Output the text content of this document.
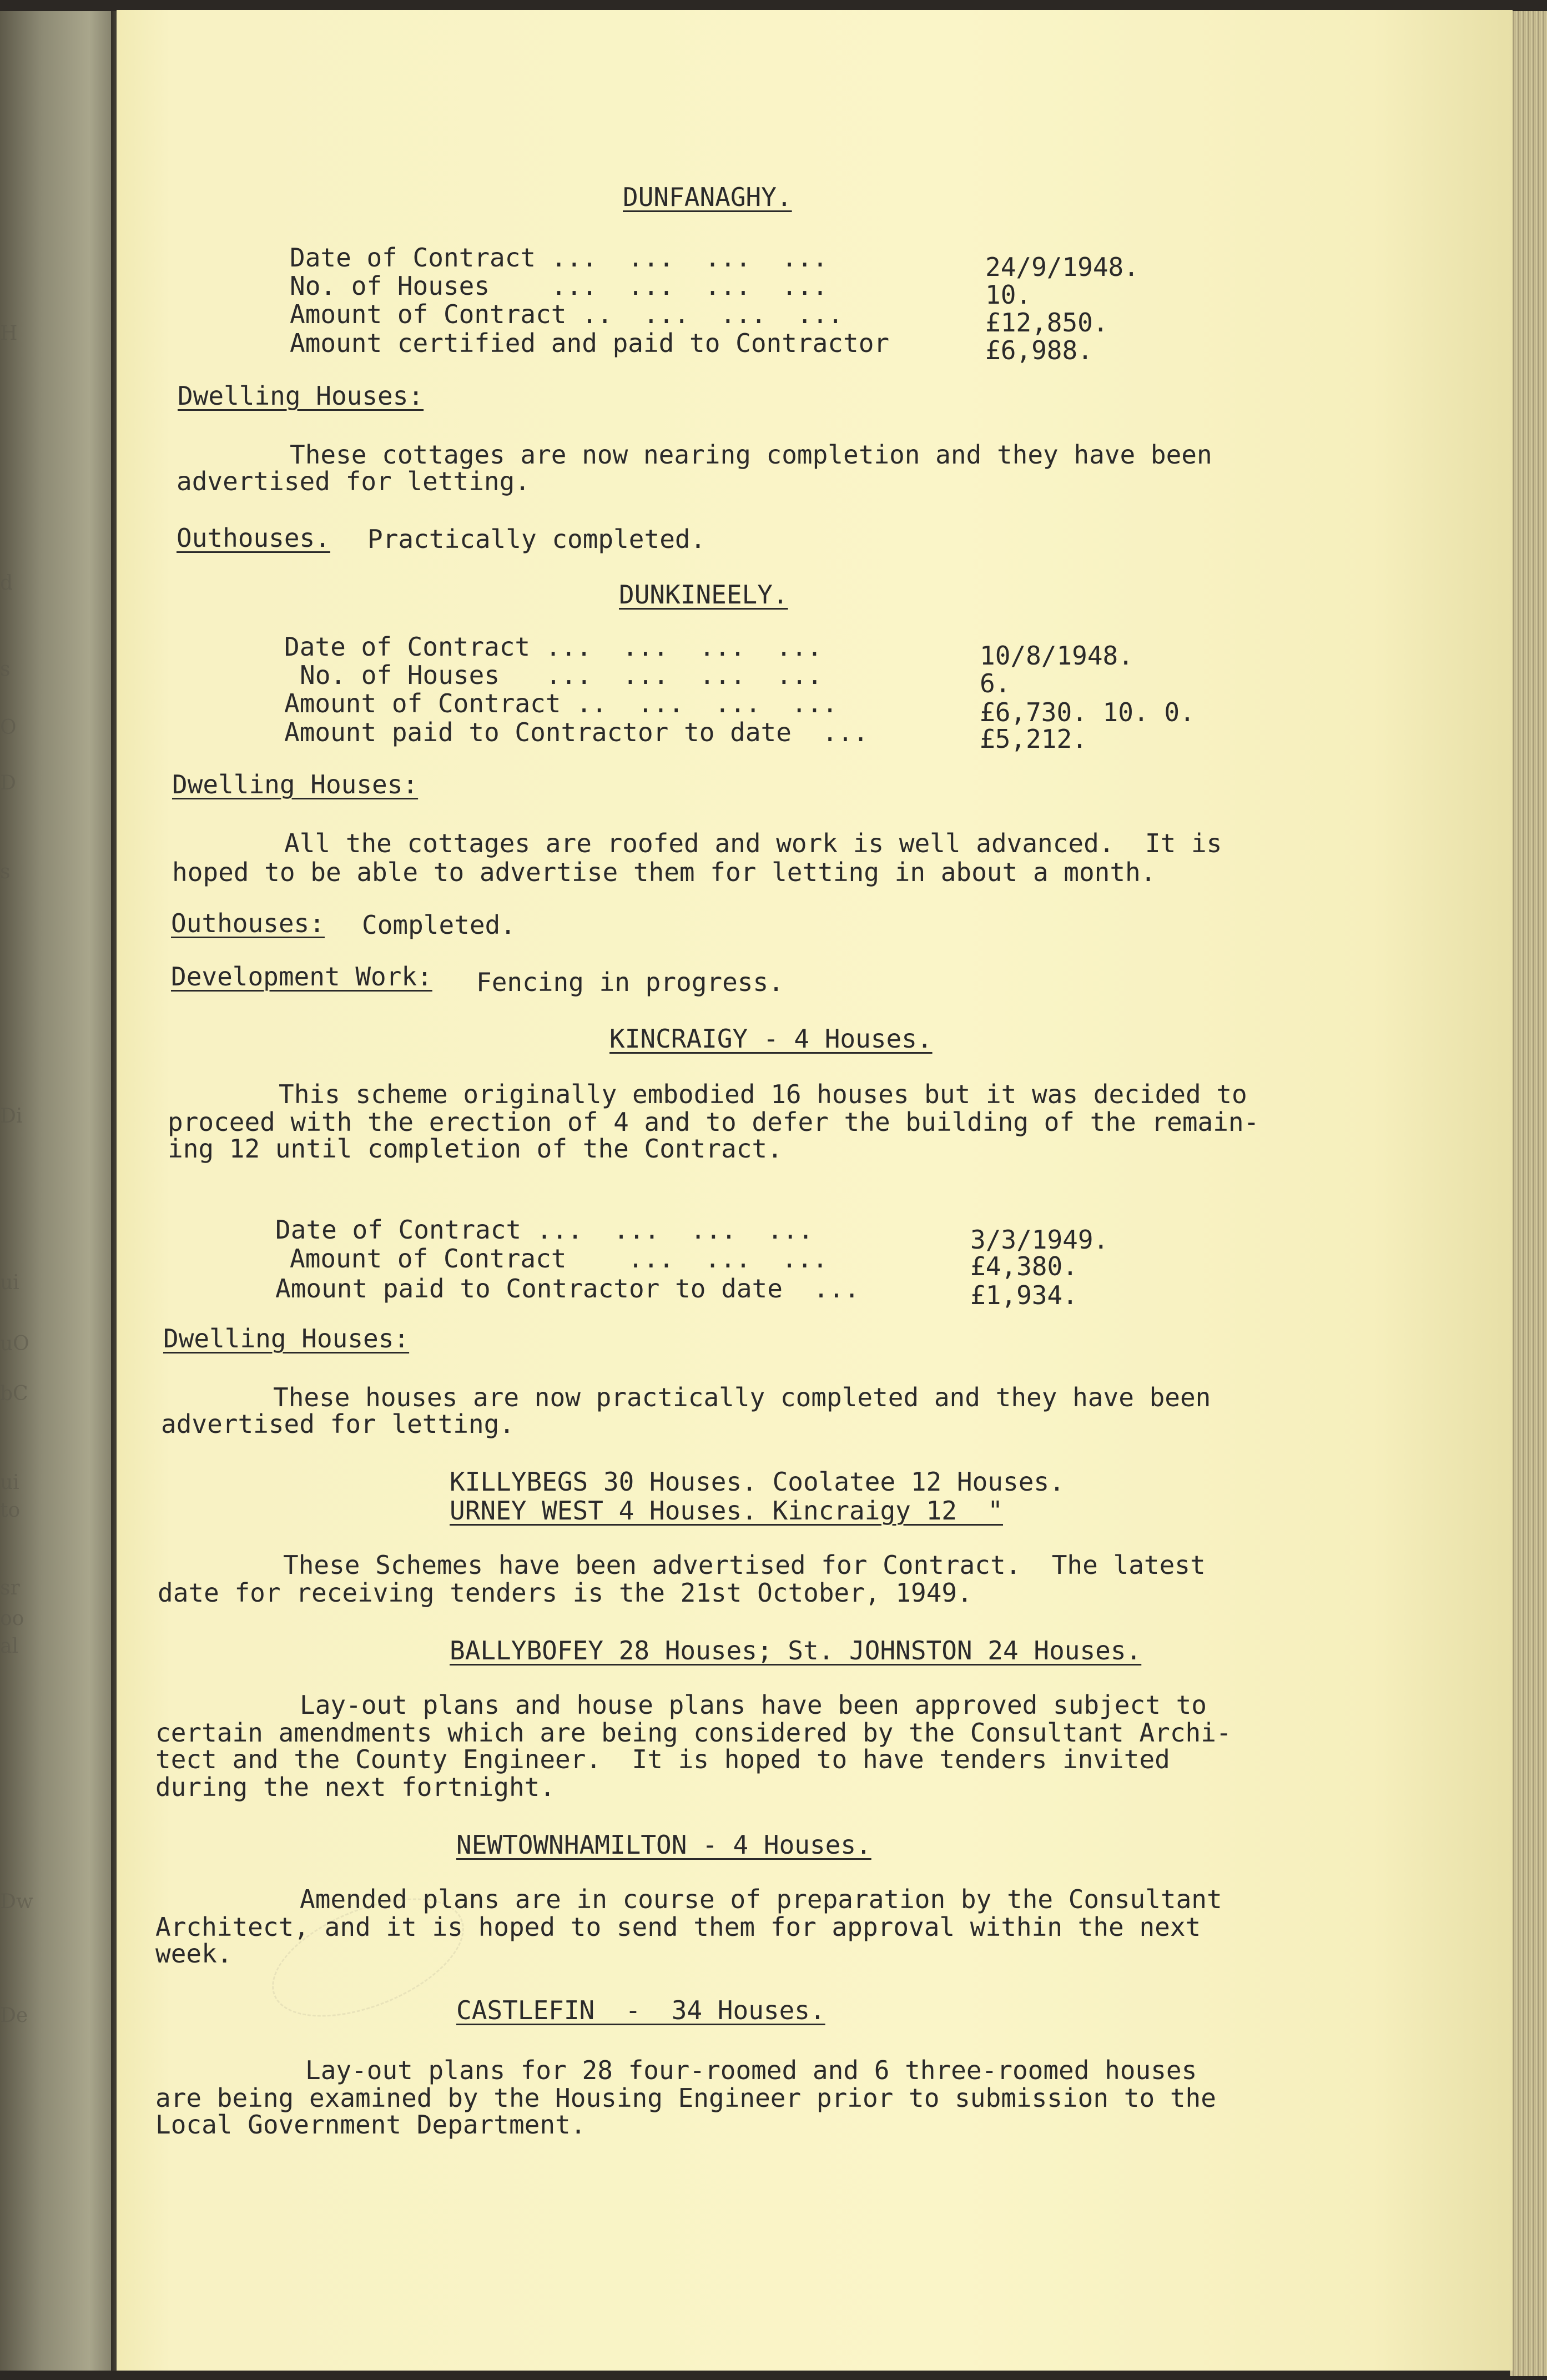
H
d
s
O
D
s
Di
ui
uO
bC
ui
to
sr
oo
al
Dw
De
DUNFANAGHY.
Date of Contract ...  ...  ...  ...	24/9/1948.
No. of Houses    ...  ...  ...  ...	10.
Amount of Contract ..  ...  ...  ...	£12,850.
Amount certified and paid to Contractor	£6,988.
Dwelling Houses:
These cottages are now nearing completion and they have been
advertised for letting.
Outhouses. Practically completed.
DUNKINEELY.
Date of Contract ...  ...  ...  ...	10/8/1948.
No. of Houses   ...  ...  ...  ...	6.
Amount of Contract ..  ...  ...  ...	£6,730. 10. 0.
Amount paid to Contractor to date  ...	£5,212.
Dwelling Houses:
All the cottages are roofed and work is well advanced.  It is
hoped to be able to advertise them for letting in about a month.
Outhouses: Completed.
Development Work: Fencing in progress.
KINCRAIGY - 4 Houses.
This scheme originally embodied 16 houses but it was decided to
proceed with the erection of 4 and to defer the building of the remain-
ing 12 until completion of the Contract.
Date of Contract ...  ...  ...  ...	3/3/1949.
Amount of Contract    ...  ...  ...	£4,380.
Amount paid to Contractor to date  ...	£1,934.
Dwelling Houses:
These houses are now practically completed and they have been
advertised for letting.
KILLYBEGS 30 Houses. Coolatee 12 Houses.
URNEY WEST 4 Houses. Kincraigy 12  "
These Schemes have been advertised for Contract.  The latest
date for receiving tenders is the 21st October, 1949.
BALLYBOFEY 28 Houses; St. JOHNSTON 24 Houses.
Lay-out plans and house plans have been approved subject to
certain amendments which are being considered by the Consultant Archi-
tect and the County Engineer.  It is hoped to have tenders invited
during the next fortnight.
NEWTOWNHAMILTON - 4 Houses.
Amended plans are in course of preparation by the Consultant
Architect, and it is hoped to send them for approval within the next
week.
CASTLEFIN  -  34 Houses.
Lay-out plans for 28 four-roomed and 6 three-roomed houses
are being examined by the Housing Engineer prior to submission to the
Local Government Department.
